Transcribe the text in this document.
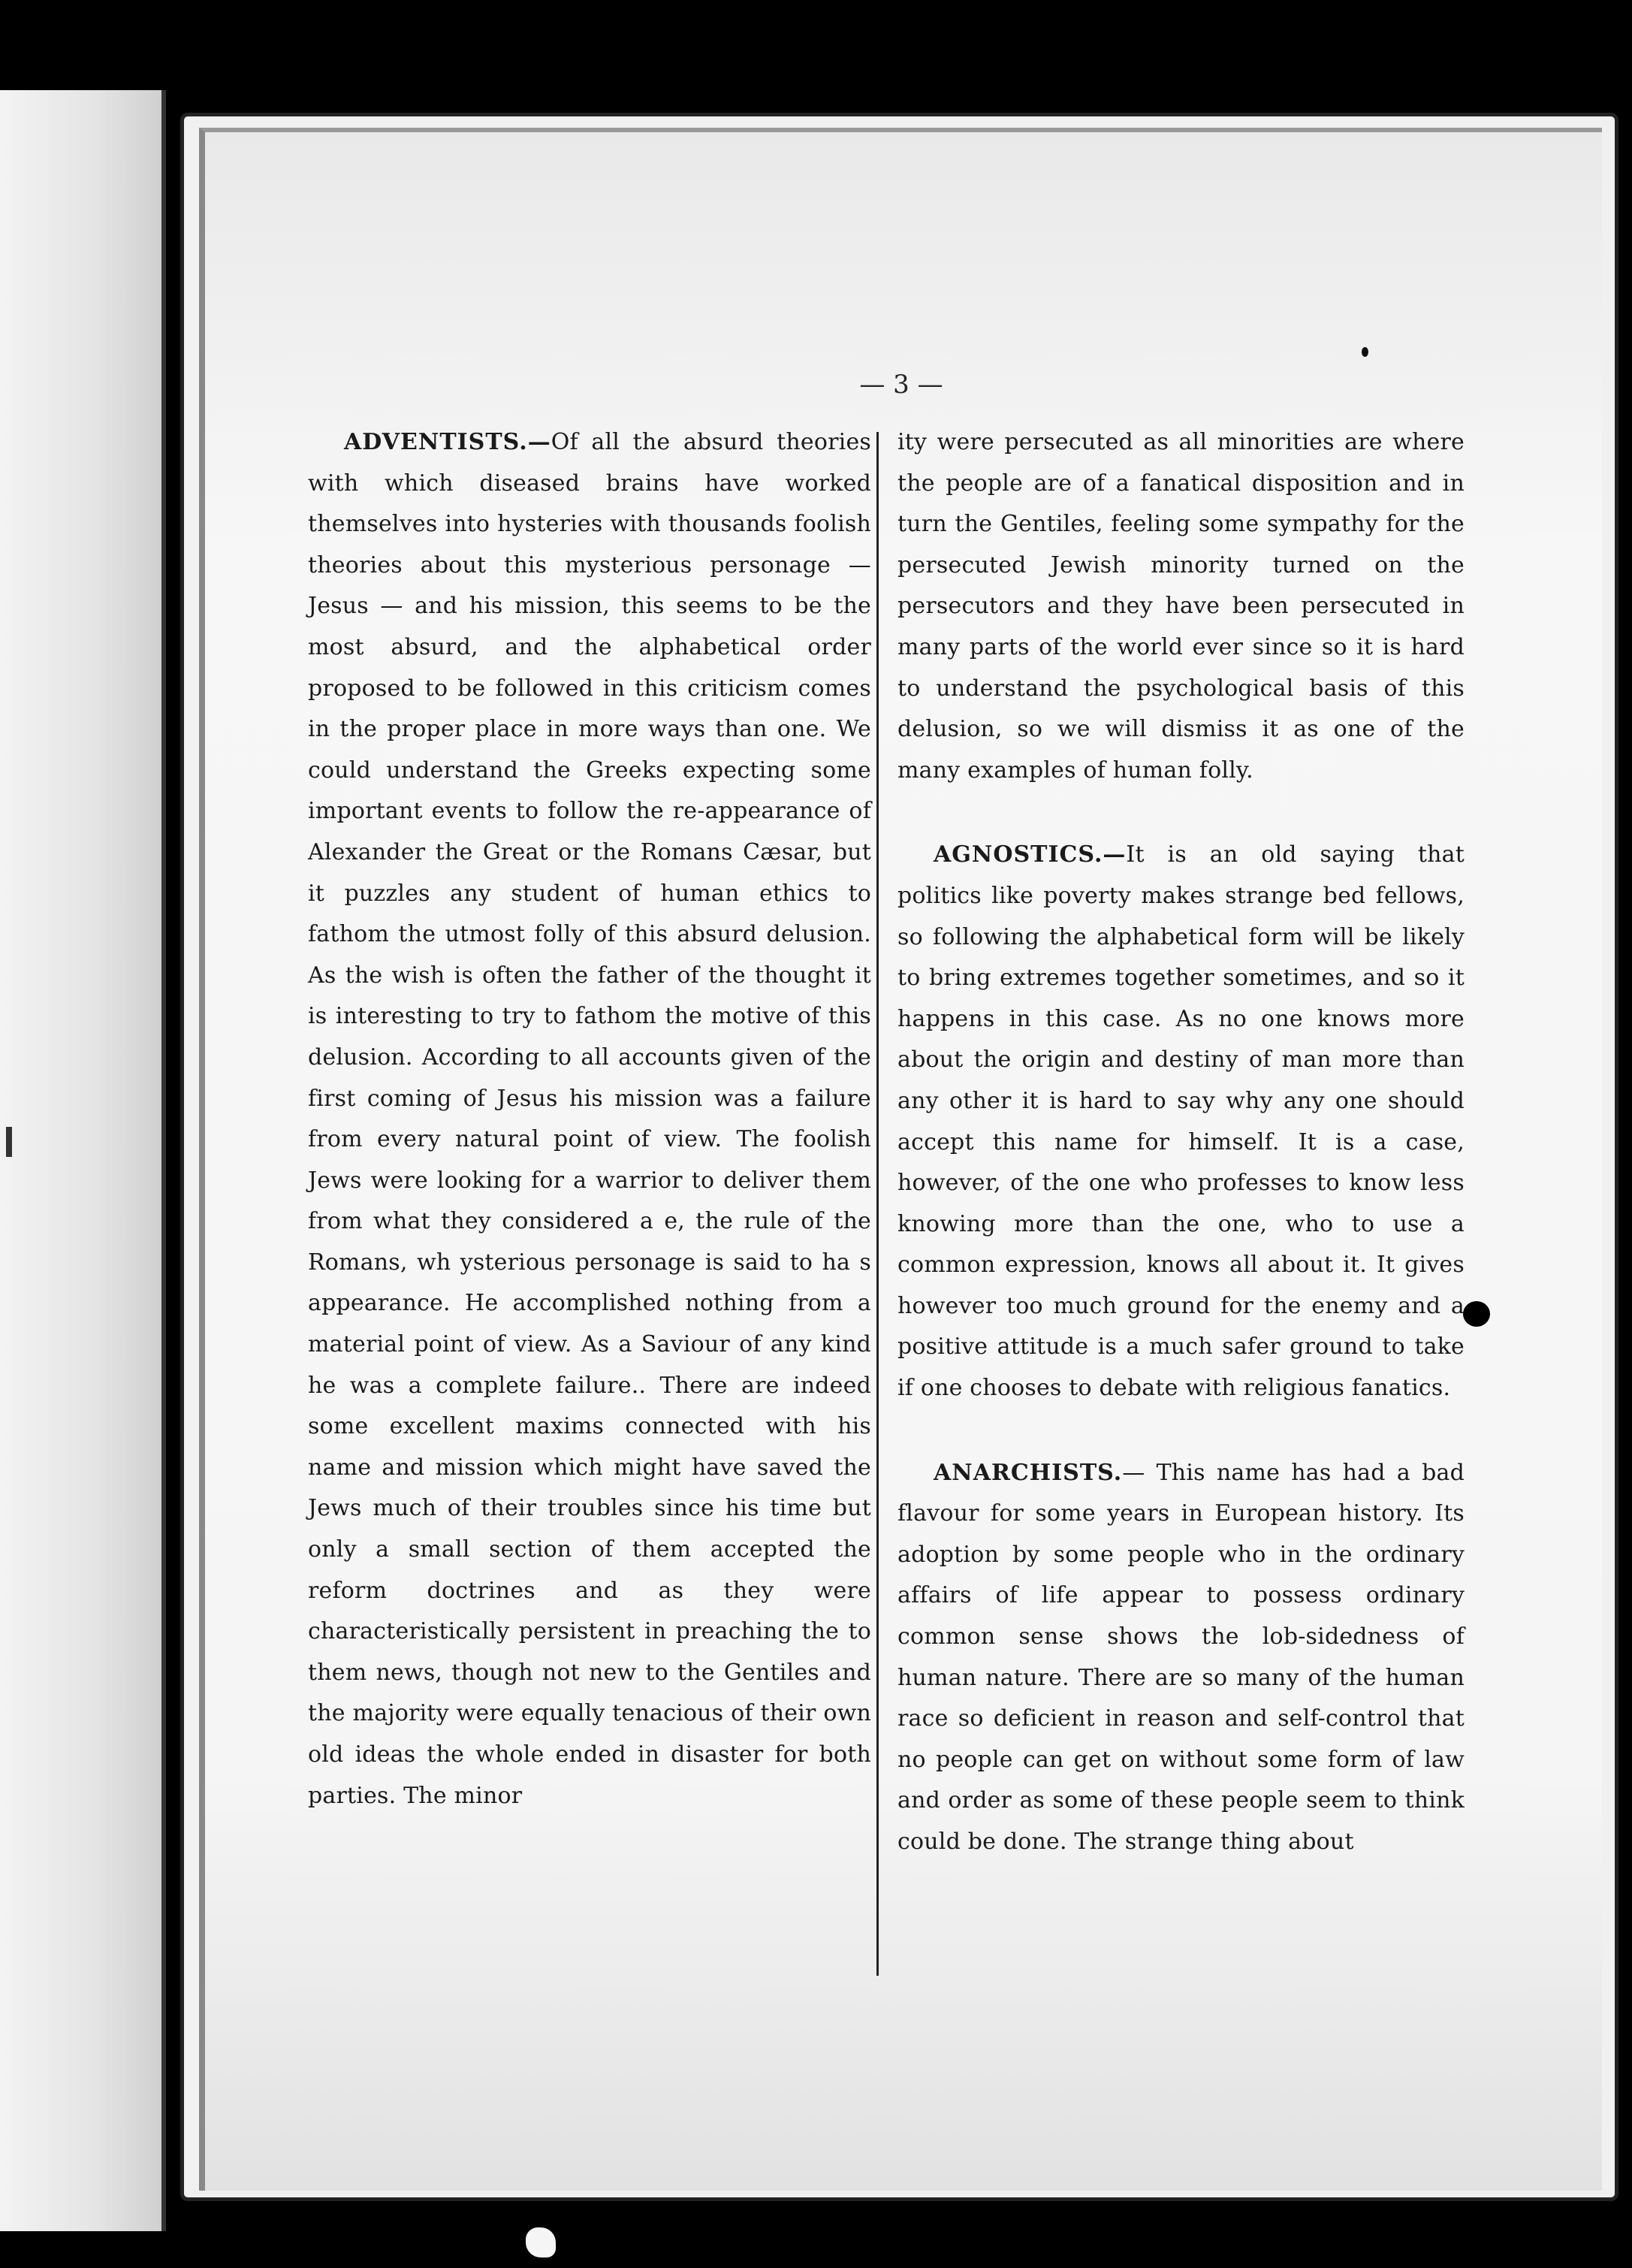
— 3 —

ADVENTISTS.—Of all the absurd theories with which diseased brains have worked themselves into hysteries with thousands foolish theories about this mysterious personage — Jesus — and his mission, this seems to be the most absurd, and the alphabetical order proposed to be followed in this criticism comes in the proper place in more ways than one. We could understand the Greeks expecting some important events to follow the re-appearance of Alexander the Great or the Romans Cæsar, but it puzzles any student of human ethics to fathom the utmost folly of this absurd delusion. As the wish is often the father of the thought it is interesting to try to fathom the motive of this delusion. According to all accounts given of the first coming of Jesus his mission was a failure from every natural point of view. The foolish Jews were looking for a warrior to deliver them from what they considered a e, the rule of the Romans, wh ysterious personage is said to ha s appearance. He accomplished nothing from a material point of view. As a Saviour of any kind he was a complete failure.. There are indeed some excellent maxims connected with his name and mission which might have saved the Jews much of their troubles since his time but only a small section of them accepted the reform doctrines and as they were characteristically persistent in preaching the to them news, though not new to the Gentiles and the majority were equally tenacious of their own old ideas the whole ended in disaster for both parties. The minor

ity were persecuted as all minorities are where the people are of a fanatical disposition and in turn the Gentiles, feeling some sympathy for the persecuted Jewish minority turned on the persecutors and they have been persecuted in many parts of the world ever since so it is hard to understand the psychological basis of this delusion, so we will dismiss it as one of the many examples of human folly.

AGNOSTICS.—It is an old saying that politics like poverty makes strange bed fellows, so following the alphabetical form will be likely to bring extremes together sometimes, and so it happens in this case. As no one knows more about the origin and destiny of man more than any other it is hard to say why any one should accept this name for himself. It is a case, however, of the one who professes to know less knowing more than the one, who to use a common expression, knows all about it. It gives however too much ground for the enemy and a positive attitude is a much safer ground to take if one chooses to debate with religious fanatics.

ANARCHISTS.— This name has had a bad flavour for some years in European history. Its adoption by some people who in the ordinary affairs of life appear to possess ordinary common sense shows the lob-sidedness of human nature. There are so many of the human race so deficient in reason and self-control that no people can get on without some form of law and order as some of these people seem to think could be done. The strange thing about
